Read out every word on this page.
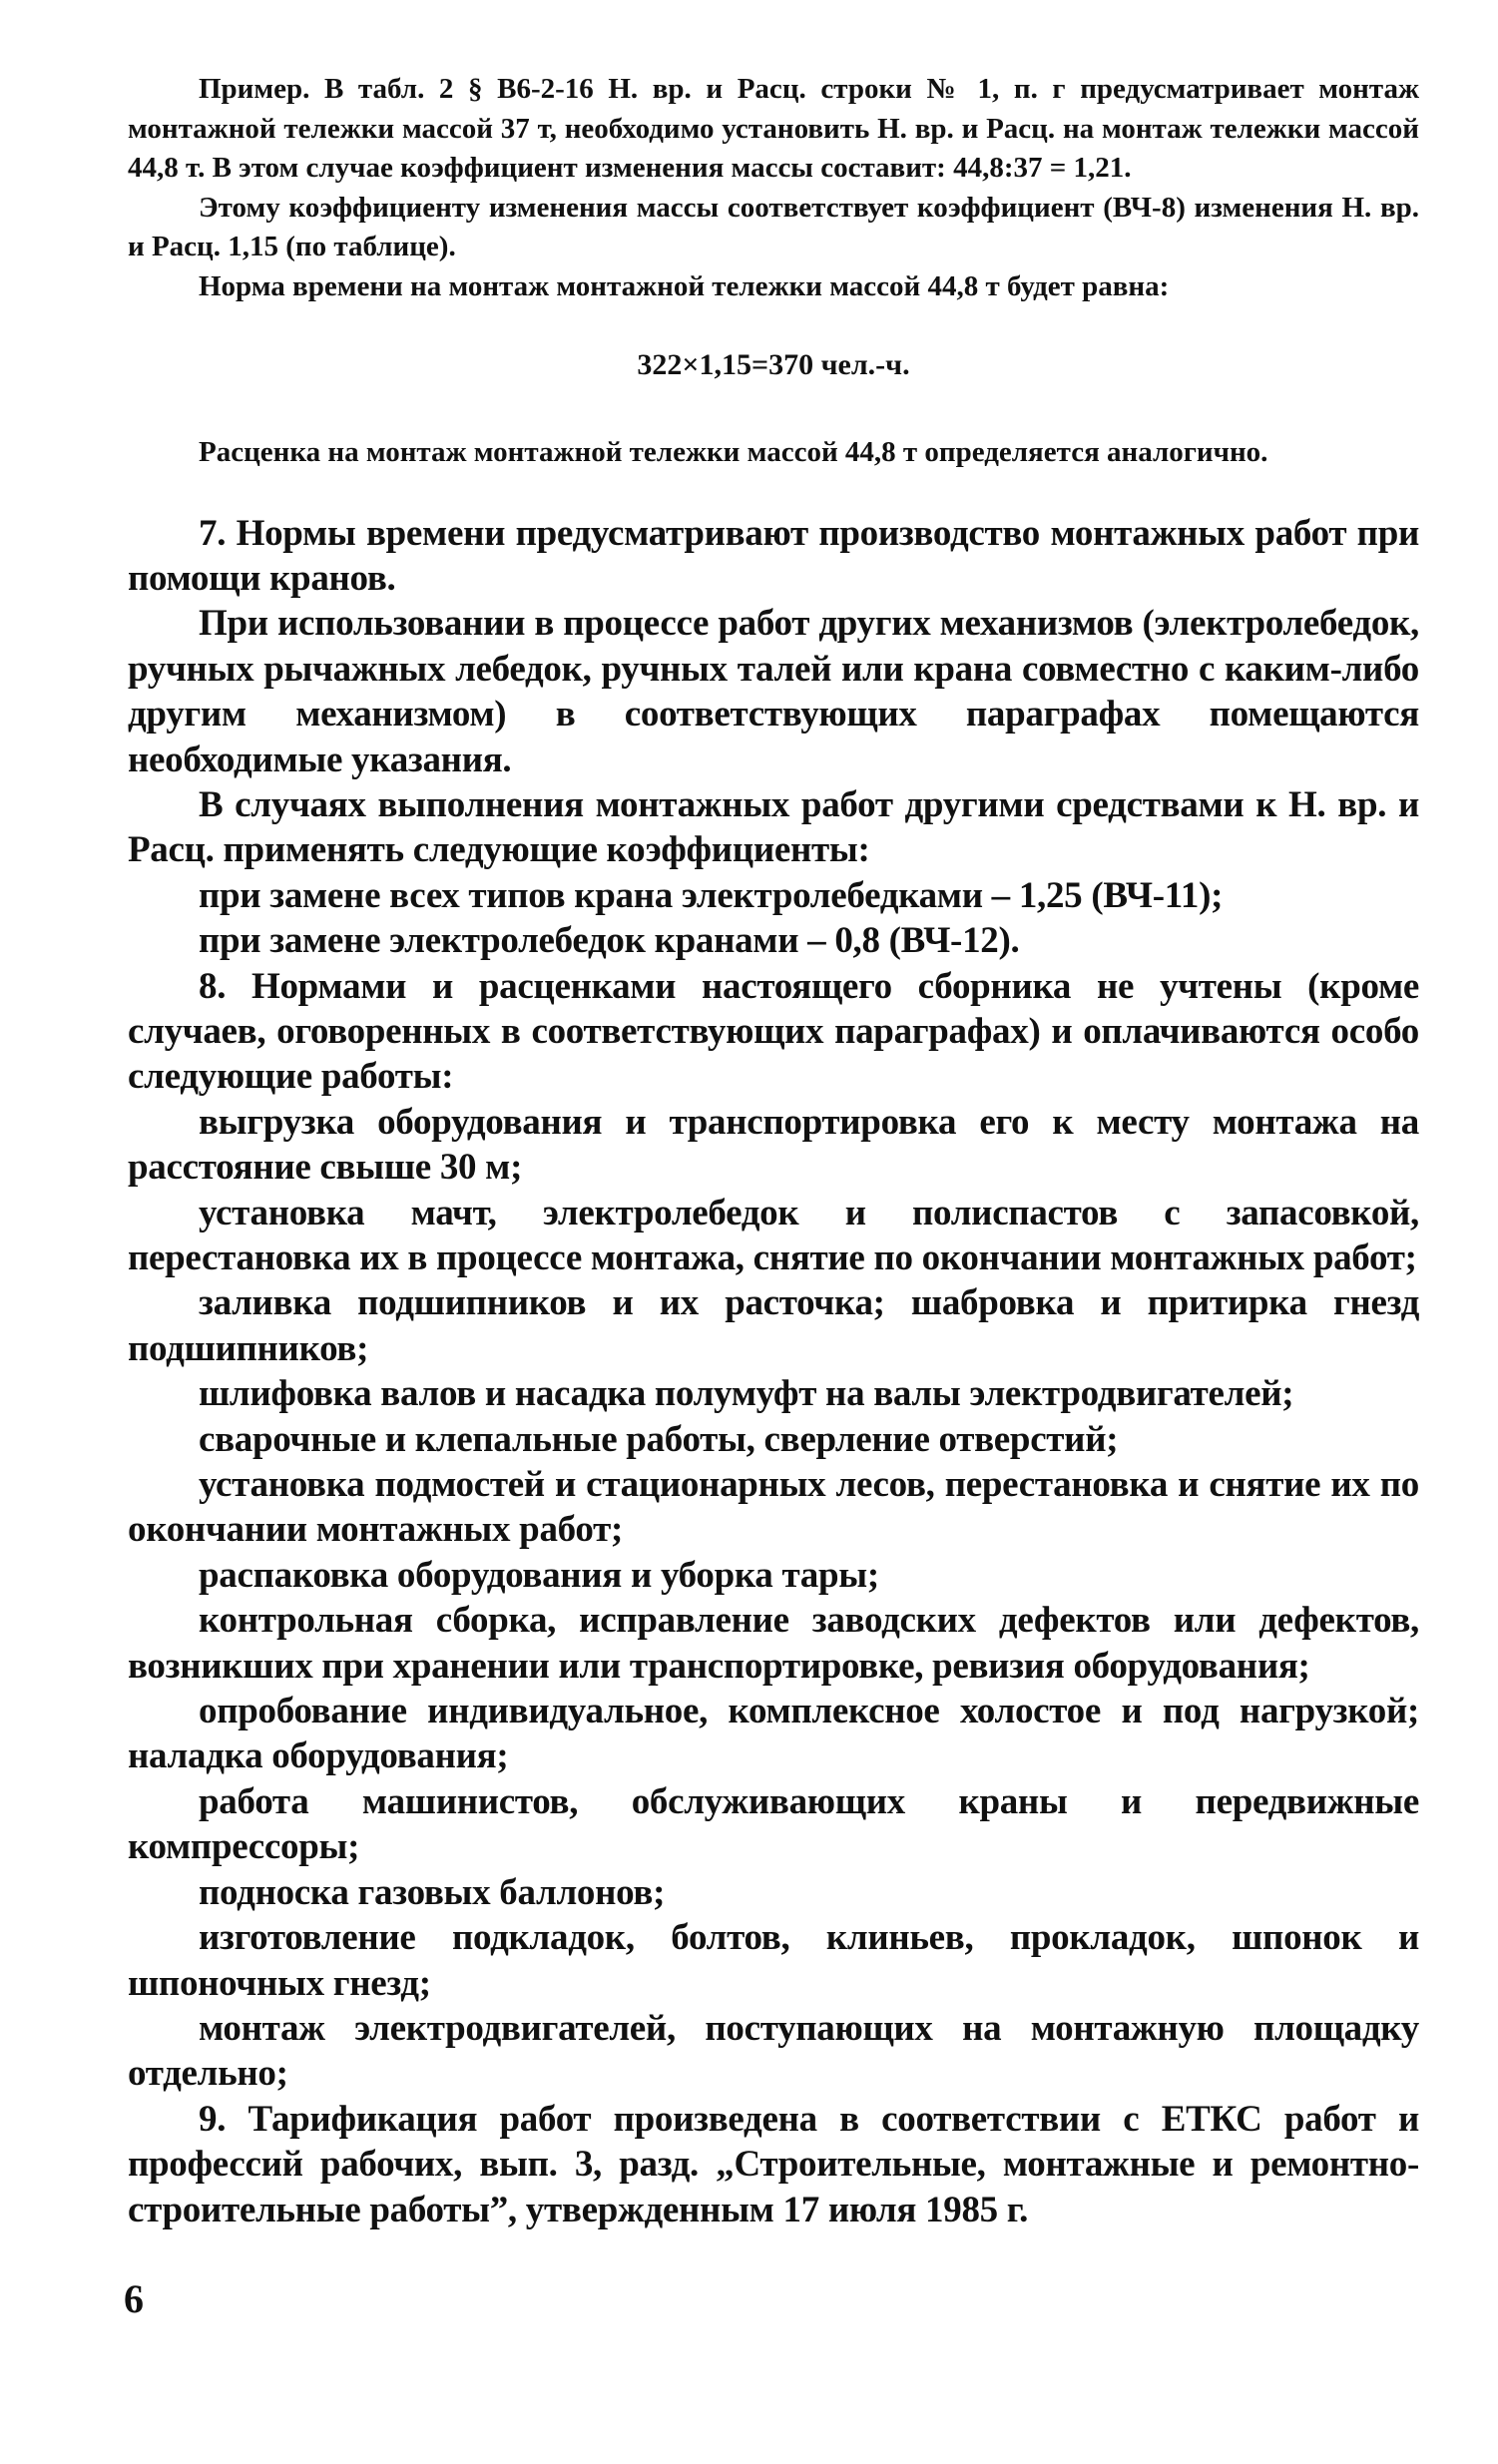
Пример. В табл. 2 § В6-2-16 Н. вр. и Расц. строки № 1, п. г предусматривает монтаж монтажной тележки массой 37 т, необходимо установить Н. вр. и Расц. на монтаж тележки массой 44,8 т. В этом случае коэффициент изменения массы составит: 44,8:37 = 1,21.

Этому коэффициенту изменения массы соответствует коэффициент (ВЧ-8) изменения Н. вр. и Расц. 1,15 (по таблице).

Норма времени на монтаж монтажной тележки массой 44,8 т будет равна:

322×1,15=370 чел.-ч.

Расценка на монтаж монтажной тележки массой 44,8 т определяется аналогично.

7. Нормы времени предусматривают производство монтажных работ при помощи кранов.

При использовании в процессе работ других механизмов (электролебедок, ручных рычажных лебедок, ручных талей или крана совместно с каким-либо другим механизмом) в соответствующих параграфах помещаются необходимые указания.

В случаях выполнения монтажных работ другими средствами к Н. вр. и Расц. применять следующие коэффициенты:

при замене всех типов крана электролебедками – 1,25 (ВЧ-11);

при замене электролебедок кранами – 0,8 (ВЧ-12).

8. Нормами и расценками настоящего сборника не учтены (кроме случаев, оговоренных в соответствующих параграфах) и оплачиваются особо следующие работы:

выгрузка оборудования и транспортировка его к месту монтажа на расстояние свыше 30 м;

установка мачт, электролебедок и полиспастов с запасовкой, перестановка их в процессе монтажа, снятие по окончании монтажных работ;

заливка подшипников и их расточка; шабровка и притирка гнезд подшипников;

шлифовка валов и насадка полумуфт на валы электродвигателей;

сварочные и клепальные работы, сверление отверстий;

установка подмостей и стационарных лесов, перестановка и снятие их по окончании монтажных работ;

распаковка оборудования и уборка тары;

контрольная сборка, исправление заводских дефектов или дефектов, возникших при хранении или транспортировке, ревизия оборудования;

опробование индивидуальное, комплексное холостое и под нагрузкой; наладка оборудования;

работа машинистов, обслуживающих краны и передвижные компрессоры;

подноска газовых баллонов;

изготовление подкладок, болтов, клиньев, прокладок, шпонок и шпоночных гнезд;

монтаж электродвигателей, поступающих на монтажную площадку отдельно;

9. Тарификация работ произведена в соответствии с ЕТКС работ и профессий рабочих, вып. 3, разд. „Строительные, монтажные и ремонтно-строительные работы”, утвержденным 17 июля 1985 г.

6
